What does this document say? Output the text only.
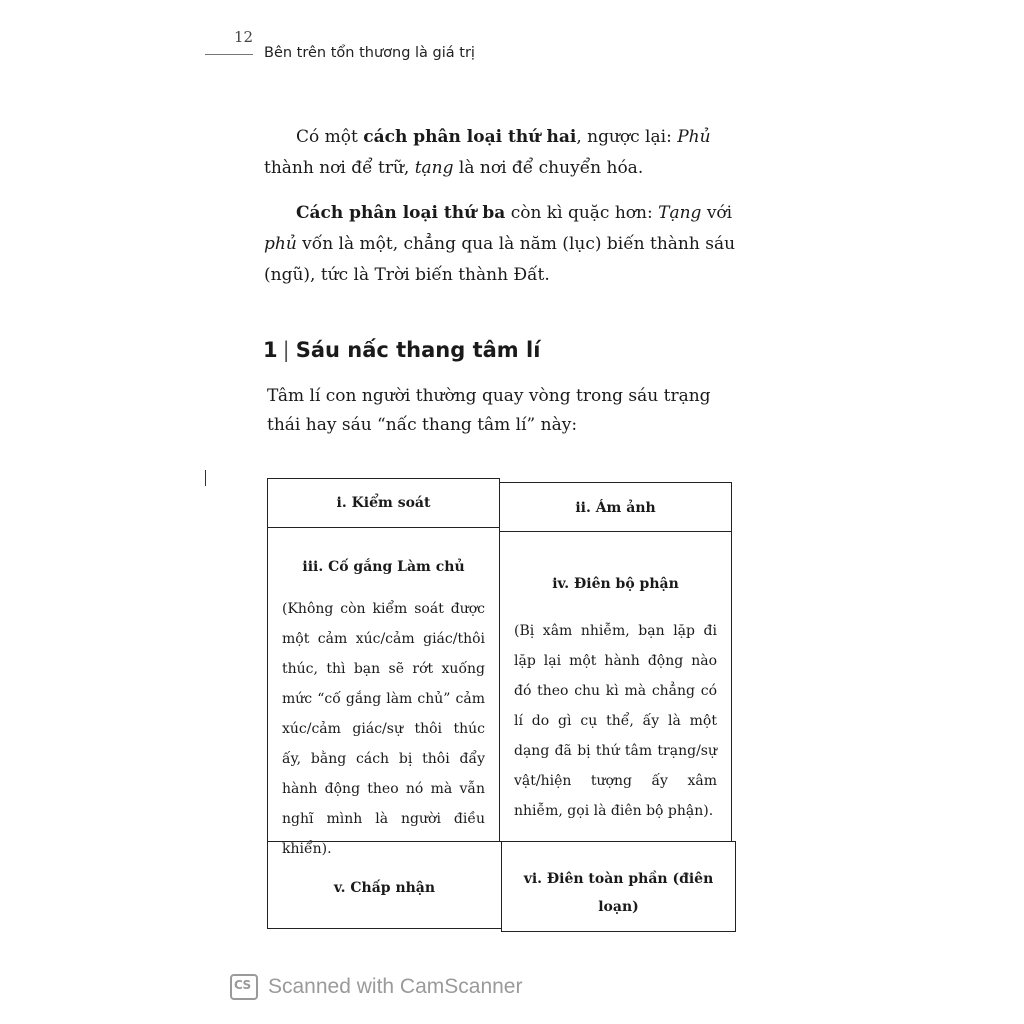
12
Bên trên tổn thương là giá trị

Có một cách phân loại thứ hai, ngược lại: Phủ thành nơi để trữ, tạng là nơi để chuyển hóa.

Cách phân loại thứ ba còn kì quặc hơn: Tạng với phủ vốn là một, chẳng qua là năm (lục) biến thành sáu (ngũ), tức là Trời biến thành Đất.

1 | Sáu nấc thang tâm lí

Tâm lí con người thường quay vòng trong sáu trạng thái hay sáu “nấc thang tâm lí” này:

i. Kiểm soát	ii. Ám ảnh
iii. Cố gắng Làm chủ
(Không còn kiểm soát được một cảm xúc/cảm giác/thôi thúc, thì bạn sẽ rớt xuống mức “cố gắng làm chủ” cảm xúc/cảm giác/sự thôi thúc ấy, bằng cách bị thôi đẩy hành động theo nó mà vẫn nghĩ mình là người điều khiển).
iv. Điên bộ phận
(Bị xâm nhiễm, bạn lặp đi lặp lại một hành động nào đó theo chu kì mà chẳng có lí do gì cụ thể, ấy là một dạng đã bị thứ tâm trạng/sự vật/hiện tượng ấy xâm nhiễm, gọi là điên bộ phận).
v. Chấp nhận
vi. Điên toàn phần (điên loạn)
CS Scanned with CamScanner
